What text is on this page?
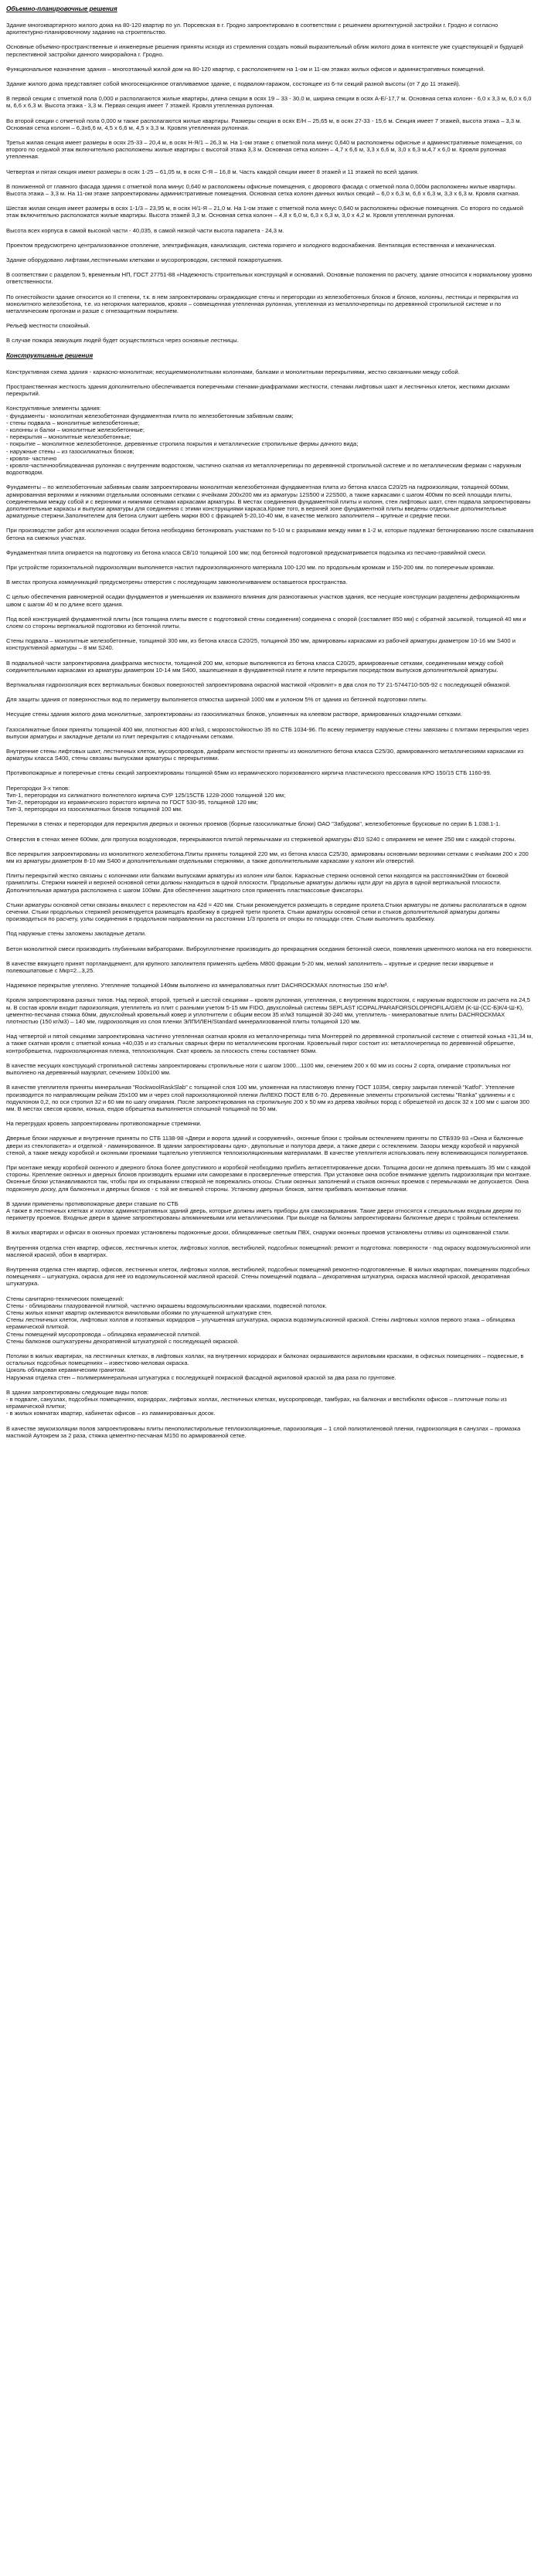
Объемно-планировочные решения

Здание многоквартирного жилого дома на 80-120 квартир по ул. Порсевская в г. Гродно запроектировано в соответствии с решением архитектурной застройки г. Гродно и согласно архитектурно-планировочному заданию на строительство.

Основные объемно-пространственные и инженерные решения приняты исходя из стремления создать новый выразительный облик жилого дома в контексте уже существующей и будущей перспективной застройки данного микрорайона г. Гродно.

Функциональное назначение здания – многоэтажный жилой дом на 80-120 квартир, с расположением на 1-ом и 11-ом этажах жилых офисов и административных помещений.

Здание жилого дома представляет собой многосекционное отапливаемое здание, с подвалом-гаражом, состоящее из 6-ти секций разной высоты (от 7 до 11 этажей).

В первой секции с отметкой пола 0,000 и располагаются жилые квартиры, длина секции в осях 19 – 33 - 30.0 м, ширина секции в осях А-Е/-17,7 м. Основная сетка колонн - 6,0 х 3,3 м, 6,0 х 6,0 м, 6,6 х 6,3 м. Высота этажа - 3,3 м. Первая секция имеет 7 этажей. Кровля утепленная рулонная.

Во второй секции с отметкой пола 0,000 м также располагаются жилые квартиры. Размеры секции в осях Е/Н – 25,65 м, в осях 27-33 - 15,6 м. Секция имеет 7 этажей, высота этажа – 3,3 м. Основная сетка колонн – 6,3х6,6 м, 4,5 х 6,6 м, 4,5 х 3,3 м. Кровля утепленная рулонная.

Третья жилая секция имеет размеры в осях 25-33 – 20,4 м, в осях Н-Я/1 – 26,3 м. На 1-ом этаже с отметкой пола минус 0,640 м расположены офисные и административные помещения, со второго по седьмой этаж включительно расположены жилые квартиры с высотой этажа 3,3 м. Основная сетка колонн – 4,7 х 6,6 м, 3,3 х 6,6 м, 3,0 х 6,3 м,4,7 х 6,0 м. Кровля рулонная утепленная.

Четвертая и пятая секция имеют размеры в осях 1-25 – 61,05 м, в осях С-Я – 16,8 м. Часть каждой секции имеет 8 этажей и 11 этажей по всей здания.

В пониженной от главного фасада здания с отметкой пола минус 0,640 м расположены офисные помещения, с дворового фасада с отметкой пола 0,000м расположены жилые квартиры. Высота этажа – 3,3 м. На 11-ом этаже запроектированы административные помещения. Основная сетка колонн данных жилых секций – 6,0 х 6,3 м, 6,6 х 6,3 м, 3,3 х 6,3 м. Кровля скатная.

Шестая жилая секция имеет размеры в осях 1-1/3 – 23,95 м, в осях Н/1-Я – 21,0 м. На 1-ом этаже с отметкой пола минус 0,640 м расположены офисные помещения. Со второго по седьмой этаж включительно расположатся жилые квартиры. Высота этажей 3,3 м. Основная сетка колонн – 4,8 х 6,0 м, 6,3 х 6,3 м, 3,0 х 4,2 м. Кровля утепленная рулонная.

Высота всех корпуса в самой высокой части - 40,035, в самой низкой части высота парапета - 24,3 м.

Проектом предусмотрено централизованное отопление, электрификация, канализация, система горячего и холодного водоснабжения. Вентиляция естественная и механическая.

Здание оборудовано лифтами,лестничными клетками и мусоропроводом, системой пожаротушения.

В соответствии с разделом 5, временным НП, ГОСТ 27751-88 «Надежность строительных конструкций и оснований. Основные положения по расчету, здание относится к нормальному уровню ответственности.

По огнестойкости здание относится ко II степени, т.к. в нем запроектированы ограждающие стены и перегородки из железобетонных блоков и блоков, колонны, лестницы и перекрытия из монолитного железобетона, т.е. из негорючих материалов, кровля – совмещенная утепленная рулонная, утепленная из металлочерепицы по деревянной стропильной системе и по металлическим прогонам и разше с огнезащитным покрытием.

Рельеф местности спокойный.

В случае пожара эвакуация людей будет осуществляться через основные лестницы.

Конструктивные решения

Конструктивная схема здания - каркасно-монолитная; несущиеммонолитными колоннами, балками и монолитными перекрытиями, жестко связанными между собой.

Пространственная жесткость здания дополнительно обеспечивается поперечными стенами-диафрагмами жесткости, стенами лифтовых шахт и лестничных клеток, жесткими дисками перекрытий.

Конструктивные элементы здания:
- фундаменты - монолитная железобетонная фундаментная плита по железобетонным забивным сваям;
- стены подвала – монолитные железобетонные;
- колонны и балки – монолитные железобетонные;
- перекрытия – монолитные железобетонные;
- покрытие – монолитное железобетонное, деревянные стропила покрытия и металлические стропильные фермы дачного вида;
- наружные стены – из газосиликатных блоков;
- кровля- частично
- кровля-частичнооблицованная рулонная с внутренним водостоком, частично скатная из металлочерепицы по деревянной стропильной системе и по металлическим фермам с наружным водоотводом.

Фундаменты – по железобетонным забивным сваям запроектированы монолитная железобетонная фундаментная плита из бетона класса С20/25 на гидроизоляции, толщиной 600мм, армированная верхними и нижними отдельными основными сетками с ячейками 200х200 мм из арматуры 12S500 и 22S500, а также каркасами с шагом 400мм по всей площади плиты, соединенными между собой и с верхними и нижними сетками каркасами арматуры. В местах соединения фундаментной плиты и колонн, стен лифтовых шахт, стен подвала запроектированы дополнительные каркасы и выпуски арматуры для соединения с этими конструкциями каркаса.Кроме того, в верхней зоне фундаментной плиты введены отдельные дополнительные арматурные стержни.Заполнителем для бетона служит щебень марки 800 с фракцией 5-20,10-40 мм, в качестве мелкого заполнителя – крупные и средние пески.

При производстве работ для исключения осадки бетона необходимо бетонировать участками по 5-10 м с разрывами между ними в 1-2 м, которые подлежат бетонированию после схватывания бетона на смежных участках.

Фундаментная плита опирается на подготовку из бетона класса С8/10 толщиной 100 мм; под бетонной подготовкой предусматривается подсыпка из песчано-гравийной смеси.

При устройстве горизонтальной гидроизоляции выполняется настил гидроизоляционного материала 100-120 мм. по продольным кромкам и 150-200 мм. по поперечным кромкам.

В местах пропуска коммуникаций предусмотрены отверстия с последующим замоноличиванием оставшегося пространства.

С целью обеспечения равномерной осадки фундаментов и уменьшения их взаимного влияния для разноэтажных участков здания, все несущие конструкции разделены деформационным швом с шагом 40 м по длине всего здания.

Под всей конструкцией фундаментной плиты (вся толщина плиты вместе с подготовкой стены соединения) соединена с опорой (составляет 850 мм) с обратной засыпкой, толщиной 40 мм и слоем со стороны вертикальной подготовки из бетонной плиты.

Стены подвала – монолитные железобетонные, толщиной 300 мм, из бетона класса С20/25, толщиной 350 мм, армированы каркасами из рабочей арматуры диаметром 10-16 мм S400 и конструктивной арматуры – 8 мм S240.

В подвальной части запроектирована диафрагма жесткости, толщиной 200 мм, которые выполняются из бетона класса С20/25, армированные сетками, соединенными между собой соединительными каркасами из арматуры диаметром 10-14 мм S400, зашлешенная в фундаментной плите и плите перекрытия посредством выпусков дополнительной арматуры.

Вертикальная гидроизоляция всех вертикальных боковых поверхностей запроектирована окрасной мастикой «Кровлит» в два слоя по ТУ 21-5744710-505-92 с последующей обмазкой.

Для защиты здания от поверхностных вод по периметру выполняется отмостка шириной 1000 мм и уклоном 5% от здания из бетонной подготовки плиты.

Несущие стены здания жилого дома монолитные, запроектированы из газосиликатных блоков, уложенных на клеевом растворе, армированных кладочными сетками.

Газосиликатные блоки приняты толщиной 400 мм, плотностью 400 кг/м3, с морозостойкостью 35 по СТБ 1034-96. По всему периметру наружные стены завязаны с плитами перекрытия через выпуски арматуры и закладные детали из плит перекрытия с кладочными сетками.

Внутренние стены лифтовых шахт, лестничных клеток, мусоропроводов, диафрагм жесткости приняты из монолитного бетона класса С25/30, армированного металлическими каркасами из арматуры класса S400, стены связаны выпусками арматуры с перекрытиями.

Противопожарные и поперечные стены секций запроектированы толщиной 65мм из керамического поризованного кирпича пластического прессования КРО 150/15 СТБ 1160-99.

Перегородки 3-х типов:
Тип-1, перегородки из силикатного полнотелого кирпича СУР 125/15СТБ 1228-2000 толщиной 120 мм;
Тип-2, перегородки из керамического пористого кирпича по ГОСТ 530-95, толщиной 120 мм;
Тип-3, перегородки из газосиликатных блоков толщиной 100 мм.

Перемычки в стенах и перегородки для перекрытия дверных и оконных проемов (борные газосиликатные блоки) ОАО "Забудова", железобетонные брусковые по серии Б 1.038.1-1.

Отверстия в стенах менее 600мм, для пропуска воздуховодов, перекрываются плитой перемычками из стержневой арматуры Ø10 S240 с опиранием не менее 250 мм с каждой стороны.

Все перекрытия запроектированы из монолитного железобетона.Плиты приняты толщиной 220 мм, из бетона класса С25/30, армированы основными верхними сетками с ячейками 200 х 200 мм из арматуры диаметром 8-10 мм S400 и дополнительными отдельными стержнями, а также дополнительными каркасами у колонн и/и отверстий.

Плиты перекрытий жестко связаны с колоннами или балками выпусками арматуры из колонн или балок. Каркасные стержни основной сетки находятся на расстоянии20мм от боковой граниплиты. Стержни нижней и верхней основной сетки должны находиться в одной плоскости. Продольные арматуры должны идти друг на друга в одной вертикальной плоскости. Дополнительная арматура расположена с шагом 100мм. Для обеспечения защитного слоя применять пластмассовые фиксаторы.

Стыки арматуры основной сетки связаны внахлест с перехлестом на 42d = 420 мм. Стыки рекомендуется размещать в середине пролета.Стыки арматуры не должны располагаться в одном сечении. Стыки продольных стержней рекомендуется размещать вразбежку в средней трети пролета. Стыки арматуры основной сетки и стыков дополнительной арматуры должны производиться по расчету, узлы соединения в продольном направлении на расстоянии 1/3 пролета от опоры по площади стен. Стыки выполнить вразбежку.

Под наружные стены заложены закладные детали.

Бетон монолитной смеси производить глубинными вибраторами. Виброуплотнение производить до прекращения оседания бетонной смеси, появления цементного молока на его поверхности.

В качестве вяжущего принят портландцемент, для крупного заполнителя применять щебень М800 фракции 5-20 мм, мелкий заполнитель – крупные и средние пески кварцевые и полевошпатовые с Мкр=2...3,25.

Надземное перекрытие утеплено. Утепление толщиной 140мм выполнено из минераловатных плит DACHROCKMAX плотностью 150 кг/м³.

Кровля запроектирована разных типов. Над первой, второй, третьей и шестой секциями – кровля рулонная, утепленная, с внутренним водостоком, с наружным водостоком из расчета на 24,5 м. В состав кровли входит пароизоляция, утеплитель из плит с разными учетом 5-15 мм FIDO, двухслойный системы SEPLAST ICOPAL/PARAFORSOLOPROFILA/GEM (K-Ш-(СС-Б)К/4-Ш-К), цементно-песчаная стяжка 60мм, двухслойный кровельный ковер и уплотнители с общим весом 35 кг/м3 толщиной 30-240 мм, утеплитель - минераловатные плиты DACHROCKMAX плотностью (150 кг/м3) – 140 мм, гидроизоляция из слоя пленки ЭЛПИЛЕН/Standard минерализованной плиты толщиной 120 мм.

Над четвертой и пятой секциями запроектирована частично утепленная скатная кровля из металлочерепицы типа Монтеррей по деревянной стропильной системе с отметкой конька +31,34 м, а также скатная кровля с отметкой конька +40,035 и из стальных сварных ферм по металлическим прогонам. Кровельный пирог состоит из: металлочерепица по деревянной обрешетке, контробрешетка, гидроизоляционная пленка, теплоизоляция. Скат кровель за плоскость стены составляет 60мм.

В качестве несущих конструкций стропильной системы запроектированы стропильные ноги с шагом 1000...1100 мм, сечением 200 х 60 мм из сосны 2 сорта, опирание стропильных ног выполнено на деревянный мауэрлат, сечением 100х100 мм.

В качестве утеплителя приняты минеральная "RockwoolRaskSlab" с толщиной слоя 100 мм, уложенная на пластиковую пленку ГОСТ 10354, сверху закрытая пленкой "Katfol". Утепление производится по направляющим рейкам 25х100 мм и через слой пароизоляционной пленки ЛиЛЕКО ПОСТ ЕЛВ 6-70. Деревянные элементы стропильной системы "Ranka" удлинены и с подуклоном 0,2, по оси стропил 32 и 60 мм по шагу опирания. После запроектирования на стропильную 200 х 50 мм из дерева хвойных пород с обрешеткой из досок 32 х 100 мм с шагом 300 мм. В местах свесов кровли, конька, ендов обрешетка выполняется сплошной толщиной по 50 мм.

На перегрудах кровель запроектированы противопожарные стремянки.

Дверные блоки наружные и внутренние приняты по СТБ 1138-98 «Двери и ворота зданий и сооружений», оконные блоки с тройным остеклением приняты по СТБ939-93 «Окна и балконные двери из стеклопакета» и отделкой - ламинированное. В здании запроектированы одно-, двупольные и полутора двери, а также двери с остеклением. Зазоры между коробкой и наружной стеной, а также между коробкой и оконными проемами тщательно утепляются теплоизоляционными материалами. В качестве утеплителя использовать пену вспенивающихся полиуретанов.

При монтаже между коробкой оконного и дверного блока более допустимого и коробкой необходимо прибить антисептированные доски. Толщина доски не должна превышать 35 мм с каждой стороны. Крепление оконных и дверных блоков производить ершами или саморезами в просверленные отверстия. При установке окна особое внимание уделить гидроизоляции при монтаже. Оконные блоки устанавливаются так, чтобы при их открывании створкой не поврежались откосы. Стыки оконных заполнений и стыков оконных проемов с перемычками не допускается. Окна подоконную доску, для балконных и дверных блоков - с той же внешней стороны. Установку дверных блоков, затем прибивать монтажные планки.

В здании применены противопожарные двери ставшие по СТБ
А также в лестничных клетках и холлах административных зданий дверь, которые должны иметь приборы для самозакрывания. Такие двери относятся к специальным входным дверям по периметру проемов. Входные двери в здание запроектированы алюминиевыми или металлическими. При выходе на балконы запроектированы балконные двери с тройным остеклением.

В жилых квартирах и офисах в оконных проемах установлены подоконные доски, облицованные светлым ПВХ, снаружи оконных проемов установлены отливы из оцинкованной стали.

Внутренняя отделка стен квартир, офисов, лестничных клеток, лифтовых холлов, вестибюлей, подсобных помещений: ремонт и подготовка: поверхности - под окраску водоэмульсионной или масляной краской, обои в квартирах.

Внутренняя отделка стен квартир, офисов, лестничных клеток, лифтовых холлов, вестибюлей, подсобных помещений ремонтно-подготовленные. В жилых квартирах, помещениях подсобных помещениях – штукатурка, окраска для неё из водоэмульсионной масляной краской. Стены помещений подвала – декоративная штукатурка, окраска масляной краской, декоративная штукатурка.

Стены санитарно-технических помещений:
Стены - облицованы глазурованной плиткой, частично окрашены водоэмульсионными красками, подвесной потолок.
Стены жилых комнат квартир оклеиваются виниловыми обоями по улучшенной штукатурке стен.
Стены лестничных клеток, лифтовых холлов и поэтажных коридоров – улучшенная штукатурка, окраска водоэмульсионной краской. Стены лифтовых холлов первого этажа – облицовка керамической плиткой.
Стены помещений мусоропровода – облицовка керамической плиткой.
Стены балконов оштукатурены декоративной штукатуркой с последующей окраской.

Потолки в жилых квартирах, на лестничных клетках, в лифтовых холлах, на внутренних коридорах и балконах окрашиваются акриловыми красками, в офисных помещениях – подвесные, в остальных подсобных помещениях – известково-меловая окраска.
Цоколь облицован керамическим гранитом.
Наружная отделка стен – полимерминеральная штукатурка с последующей покраской фасадной акриловой краской за два раза по грунтовке.

В здании запроектированы следующие виды полов:
- в подвале, санузлах, подсобных помещениях, коридорах, лифтовых холлах, лестничных клетках, мусоропроводе, тамбурах, на балконах и вестибюлях офисов – плиточные полы из керамической плитки;
- в жилых комнатах квартир, кабинетах офисов – из ламинированных досок.

В качестве звукоизоляции полов запроектированы плиты пенополистирольные теплоизоляционные, пароизоляция – 1 слой полиэтиленовой пленки, гидроизоляция в санузлах – промазка мастикой Аутокрем за 2 раза, стяжка цементно-песчаная М150 по армированной сетке.
